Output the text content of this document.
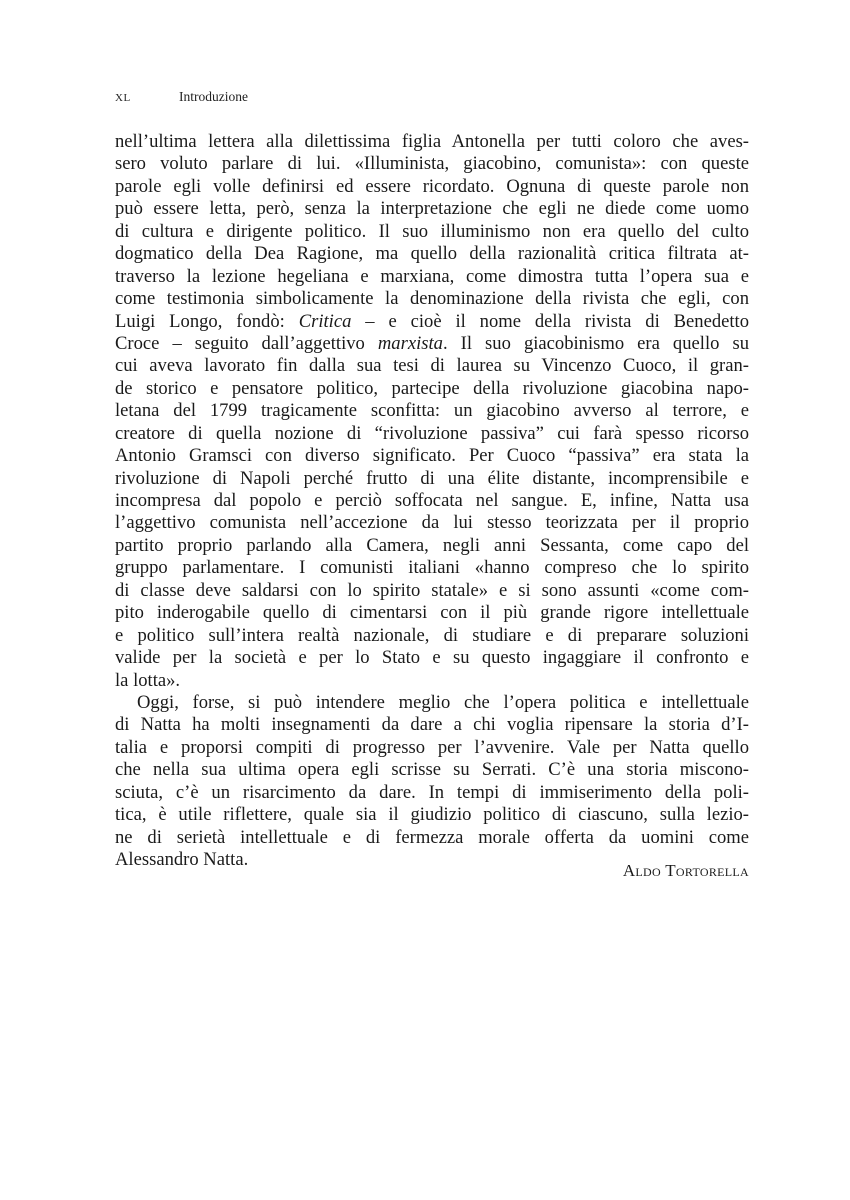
XL	Introduzione
nell’ultima lettera alla dilettissima figlia Antonella per tutti coloro che aves-
sero voluto parlare di lui. «Illuminista, giacobino, comunista»: con queste
parole egli volle definirsi ed essere ricordato. Ognuna di queste parole non
può essere letta, però, senza la interpretazione che egli ne diede come uomo
di cultura e dirigente politico. Il suo illuminismo non era quello del culto
dogmatico della Dea Ragione, ma quello della razionalità critica filtrata at-
traverso la lezione hegeliana e marxiana, come dimostra tutta l’opera sua e
come testimonia simbolicamente la denominazione della rivista che egli, con
Luigi Longo, fondò: Critica – e cioè il nome della rivista di Benedetto
Croce – seguito dall’aggettivo marxista. Il suo giacobinismo era quello su
cui aveva lavorato fin dalla sua tesi di laurea su Vincenzo Cuoco, il gran-
de storico e pensatore politico, partecipe della rivoluzione giacobina napo-
letana del 1799 tragicamente sconfitta: un giacobino avverso al terrore, e
creatore di quella nozione di “rivoluzione passiva” cui farà spesso ricorso
Antonio Gramsci con diverso significato. Per Cuoco “passiva” era stata la
rivoluzione di Napoli perché frutto di una élite distante, incomprensibile e
incompresa dal popolo e perciò soffocata nel sangue. E, infine, Natta usa
l’aggettivo comunista nell’accezione da lui stesso teorizzata per il proprio
partito proprio parlando alla Camera, negli anni Sessanta, come capo del
gruppo parlamentare. I comunisti italiani «hanno compreso che lo spirito
di classe deve saldarsi con lo spirito statale» e si sono assunti «come com-
pito inderogabile quello di cimentarsi con il più grande rigore intellettuale
e politico sull’intera realtà nazionale, di studiare e di preparare soluzioni
valide per la società e per lo Stato e su questo ingaggiare il confronto e
la lotta».
Oggi, forse, si può intendere meglio che l’opera politica e intellettuale
di Natta ha molti insegnamenti da dare a chi voglia ripensare la storia d’I-
talia e proporsi compiti di progresso per l’avvenire. Vale per Natta quello
che nella sua ultima opera egli scrisse su Serrati. C’è una storia miscono-
sciuta, c’è un risarcimento da dare. In tempi di immiserimento della poli-
tica, è utile riflettere, quale sia il giudizio politico di ciascuno, sulla lezio-
ne di serietà intellettuale e di fermezza morale offerta da uomini come
Alessandro Natta.
Aldo Tortorella
